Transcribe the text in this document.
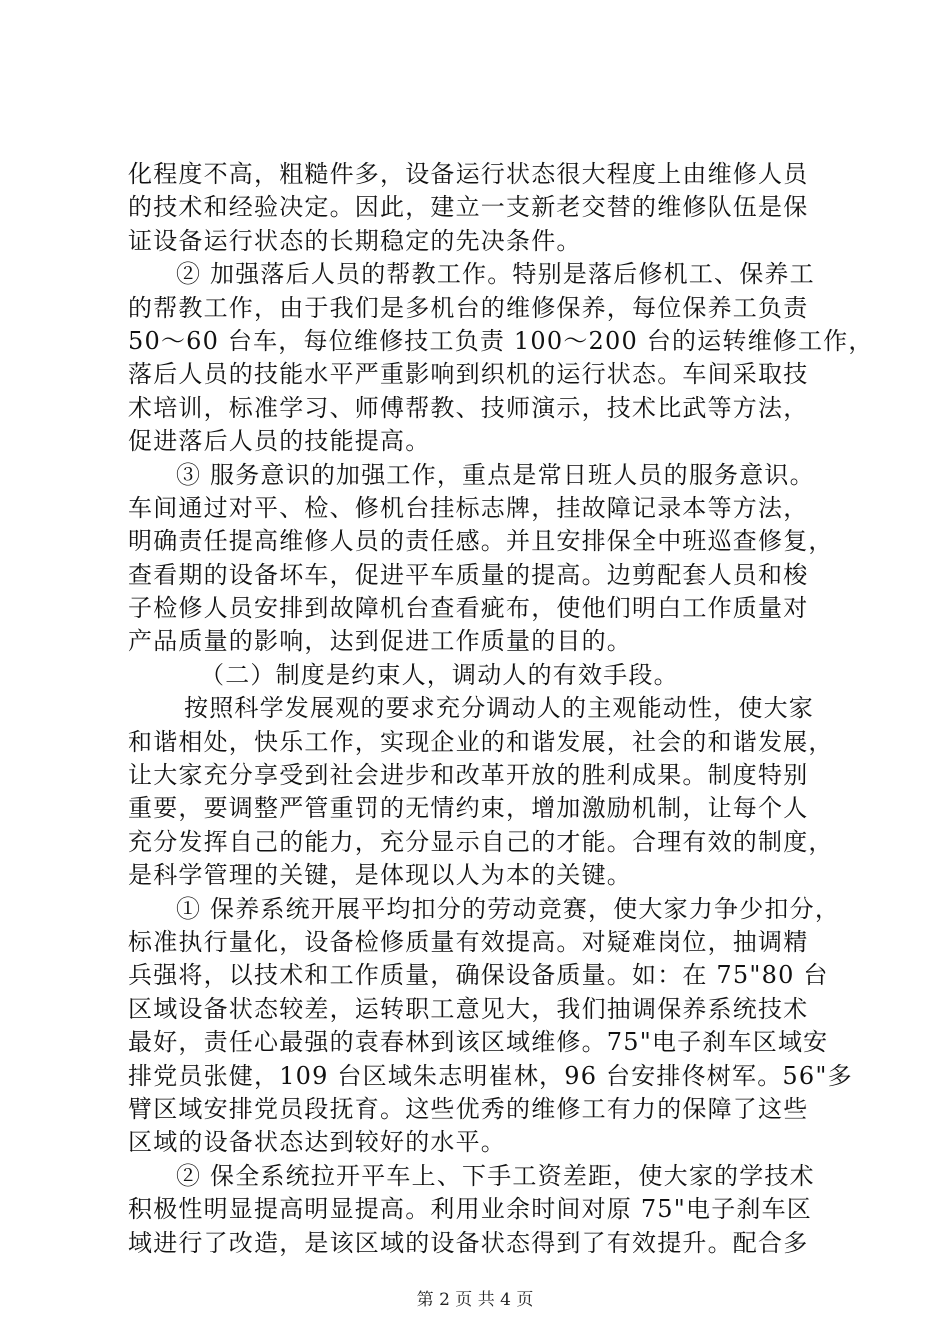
化程度不高，粗糙件多，设备运行状态很大程度上由维修人员
的技术和经验决定。因此，建立一支新老交替的维修队伍是保
证设备运行状态的长期稳定的先决条件。
② 加强落后人员的帮教工作。特别是落后修机工、保养工
的帮教工作，由于我们是多机台的维修保养，每位保养工负责
50～60 台车，每位维修技工负责 100～200 台的运转维修工作，
落后人员的技能水平严重影响到织机的运行状态。车间采取技
术培训，标准学习、师傅帮教、技师演示，技术比武等方法，
促进落后人员的技能提高。
③ 服务意识的加强工作，重点是常日班人员的服务意识。
车间通过对平、检、修机台挂标志牌，挂故障记录本等方法，
明确责任提高维修人员的责任感。并且安排保全中班巡查修复，
查看期的设备坏车，促进平车质量的提高。边剪配套人员和梭
子检修人员安排到故障机台查看疵布，使他们明白工作质量对
产品质量的影响，达到促进工作质量的目的。
（二）制度是约束人，调动人的有效手段。
按照科学发展观的要求充分调动人的主观能动性，使大家
和谐相处，快乐工作，实现企业的和谐发展，社会的和谐发展，
让大家充分享受到社会进步和改革开放的胜利成果。制度特别
重要，要调整严管重罚的无情约束，增加激励机制，让每个人
充分发挥自己的能力，充分显示自己的才能。合理有效的制度，
是科学管理的关键，是体现以人为本的关键。
① 保养系统开展平均扣分的劳动竞赛，使大家力争少扣分，
标准执行量化，设备检修质量有效提高。对疑难岗位，抽调精
兵强将，以技术和工作质量，确保设备质量。如：在 75"80 台
区域设备状态较差，运转职工意见大，我们抽调保养系统技术
最好，责任心最强的袁春林到该区域维修。75"电子刹车区域安
排党员张健，109 台区域朱志明崔林，96 台安排佟树军。56"多
臂区域安排党员段抚育。这些优秀的维修工有力的保障了这些
区域的设备状态达到较好的水平。
② 保全系统拉开平车上、下手工资差距，使大家的学技术
积极性明显提高明显提高。利用业余时间对原 75"电子刹车区
域进行了改造，是该区域的设备状态得到了有效提升。配合多
第 2 页 共 4 页
